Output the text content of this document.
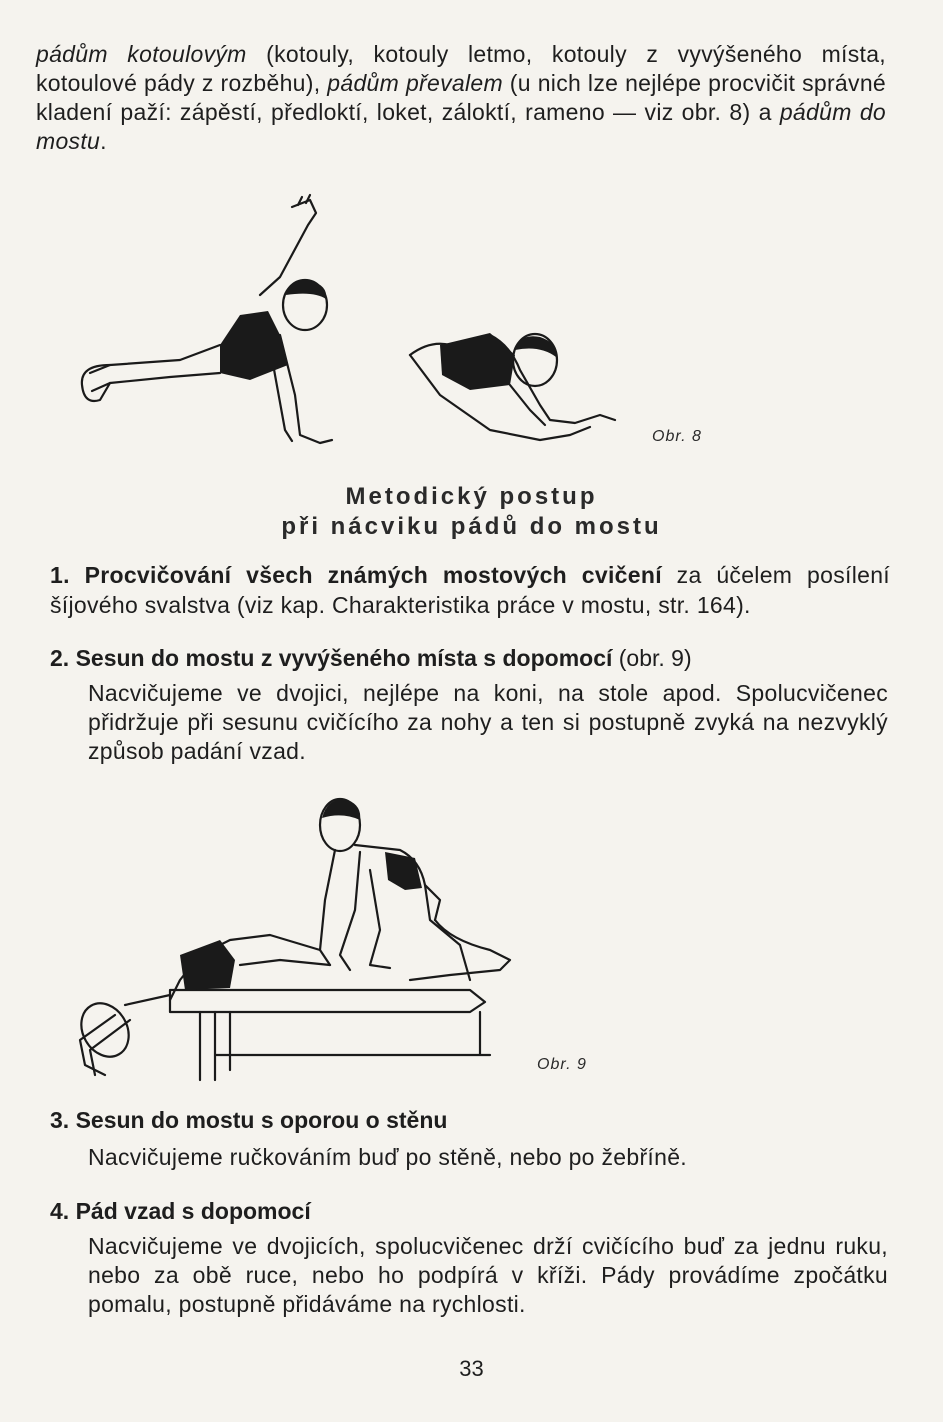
pádům kotoulovým (kotouly, kotouly letmo, kotouly z vyvýšeného místa, kotoulové pády z rozběhu), pádům převalem (u nich lze nejlépe procvičit správné kladení paží: zápěstí, předloktí, loket, záloktí, rameno — viz obr. 8) a pádům do mostu.
Obr. 8
Metodický postup
při nácviku pádů do mostu
1. Procvičování všech známých mostových cvičení za účelem posílení šíjového svalstva (viz kap. Charakteristika práce v mostu, str. 164).
2. Sesun do mostu z vyvýšeného místa s dopomocí (obr. 9)
Nacvičujeme ve dvojici, nejlépe na koni, na stole apod. Spolucvičenec přidržuje při sesunu cvičícího za nohy a ten si postupně zvyká na nezvyklý způsob padání vzad.
Obr. 9
3. Sesun do mostu s oporou o stěnu
Nacvičujeme ručkováním buď po stěně, nebo po žebříně.
4. Pád vzad s dopomocí
Nacvičujeme ve dvojicích, spolucvičenec drží cvičícího buď za jednu ruku, nebo za obě ruce, nebo ho podpírá v kříži. Pády provádíme zpočátku pomalu, postupně přidáváme na rychlosti.
33
